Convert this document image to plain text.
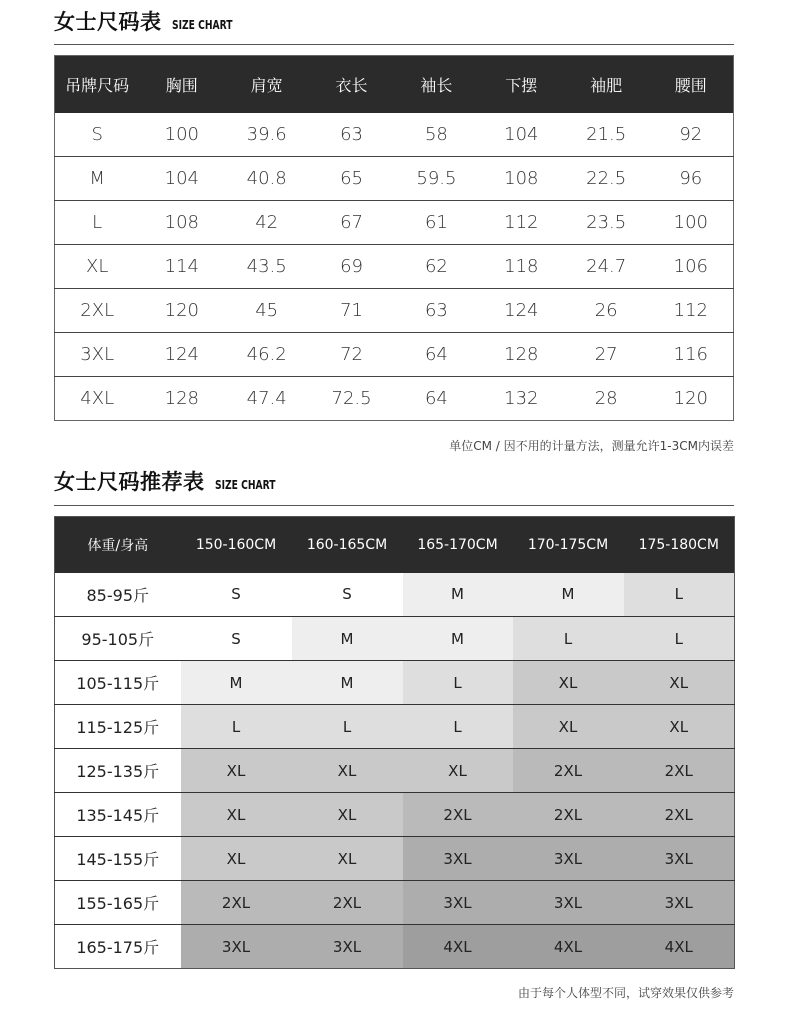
女士尺码表 SIZE CHART
吊牌尺码	胸围	肩宽	衣长	袖长	下摆	袖肥	腰围
S	100	39.6	63	58	104	21.5	92
M	104	40.8	65	59.5	108	22.5	96
L	108	42	67	61	112	23.5	100
XL	114	43.5	69	62	118	24.7	106
2XL	120	45	71	63	124	26	112
3XL	124	46.2	72	64	128	27	116
4XL	128	47.4	72.5	64	132	28	120
单位CM / 因不用的计量方法，测量允许1-3CM内误差
女士尺码推荐表 SIZE CHART
体重/身高	150-160CM	160-165CM	165-170CM	170-175CM	175-180CM
85-95斤	S	S	M	M	L
95-105斤	S	M	M	L	L
105-115斤	M	M	L	XL	XL
115-125斤	L	L	L	XL	XL
125-135斤	XL	XL	XL	2XL	2XL
135-145斤	XL	XL	2XL	2XL	2XL
145-155斤	XL	XL	3XL	3XL	3XL
155-165斤	2XL	2XL	3XL	3XL	3XL
165-175斤	3XL	3XL	4XL	4XL	4XL
由于每个人体型不同，试穿效果仅供参考
